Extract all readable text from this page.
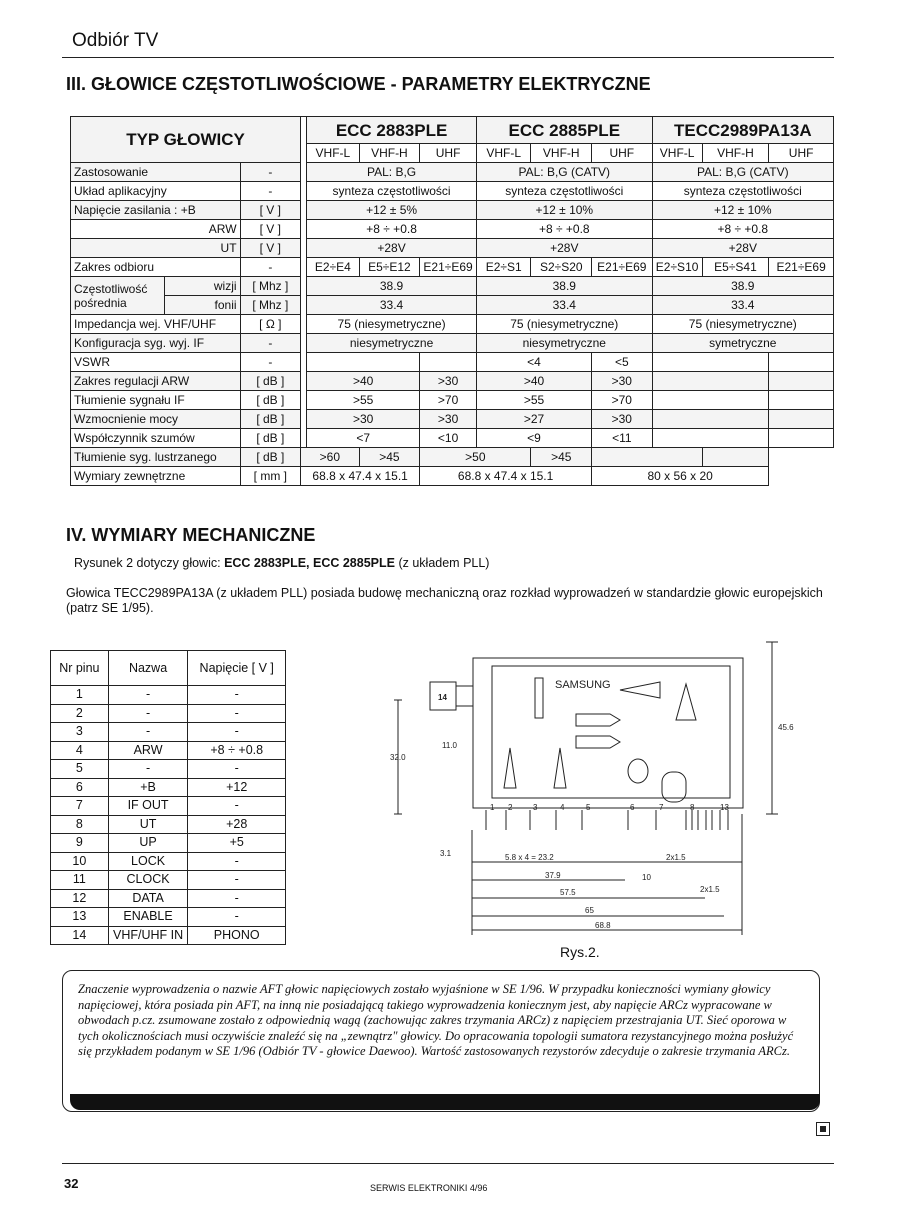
Odbiór TV
III. GŁOWICE CZĘSTOTLIWOŚCIOWE - PARAMETRY ELEKTRYCZNE
TYP GŁOWICY				ECC 2883PLE			ECC 2885PLE			TECC2989PA13A		
				VHF-L	VHF-H	UHF	VHF-L	VHF-H	UHF	VHF-L	VHF-H	UHF
Zastosowanie		-		PAL: B,G			PAL: B,G (CATV)			PAL: B,G (CATV)		
Układ aplikacyjny		-		synteza częstotliwości			synteza częstotliwości			synteza częstotliwości		
Napięcie zasilania : +B		[ V ]		+12 ± 5%			+12 ± 10%			+12 ± 10%		
ARW		[ V ]		+8 ÷ +0.8			+8 ÷ +0.8			+8 ÷ +0.8		
UT		[ V ]		+28V			+28V			+28V		
Zakres odbioru		-		E2÷E4	E5÷E12	E21÷E69	E2÷S1	S2÷S20	E21÷E69	E2÷S10	E5÷S41	E21÷E69
Częstotliwość pośrednia	wizji	[ Mhz ]		38.9			38.9			38.9		
	fonii	[ Mhz ]		33.4			33.4			33.4		
Impedancja wej. VHF/UHF		[ Ω ]		75 (niesymetryczne)			75 (niesymetryczne)			75 (niesymetryczne)		
Konfiguracja syg. wyj. IF		-		niesymetryczne			niesymetryczne			symetryczne		
VSWR		-					<4		<5			
Zakres regulacji ARW		[ dB ]		>40		>30	>40		>30			
Tłumienie sygnału IF		[ dB ]		>55		>70	>55		>70			
Wzmocnienie mocy		[ dB ]		>30		>30	>27		>30			
Współczynnik szumów		[ dB ]		<7		<10	<9		<11			
Tłumienie syg. lustrzanego		[ dB ]	>60		>45	>50		>45				
Wymiary zewnętrzne		[ mm ]	68.8 x 47.4 x 15.1			68.8 x 47.4 x 15.1			80 x 56 x 20			
IV. WYMIARY MECHANICZNE
Rysunek 2 dotyczy głowic: ECC 2883PLE, ECC 2885PLE (z układem PLL)
Głowica TECC2989PA13A (z układem PLL) posiada budowę mechaniczną oraz rozkład wyprowadzeń w standardzie głowic europejskich (patrz SE 1/95).
Nr pinu	Nazwa	Napięcie [ V ]
1	-	-
2	-	-
3	-	-
4	ARW	+8 ÷ +0.8
5	-	-
6	+B	+12
7	IF OUT	-
8	UT	+28
9	UP	+5
10	LOCK	-
11	CLOCK	-
12	DATA	-
13	ENABLE	-
14	VHF/UHF IN	PHONO
1 2	3	4	5	6	7	8	13
SAMSUNG
14
11.0
32.0
45.6
3.1	5.8 x 4 = 23.2
37.9
57.5
65
68.8
2x1.5
10
2x1.5
Rys.2.
Znaczenie wyprowadzenia o nazwie AFT głowic napięciowych zostało wyjaśnione w SE 1/96. W przypadku konieczności wymiany głowicy napięciowej, która posiada pin AFT, na inną nie posiadającą takiego wyprowadzenia koniecznym jest, aby napięcie ARCz wypracowane w obwodach p.cz. zsumowane zostało z odpowiednią wagą (zachowując zakres trzymania ARCz) z napięciem przestrajania UT. Sieć oporowa w tych okolicznościach musi oczywiście znaleźć się na „zewnątrz" głowicy. Do opracowania topologii sumatora rezystancyjnego można posłużyć się przykładem podanym w SE 1/96 (Odbiór TV - głowice Daewoo). Wartość zastosowanych rezystorów zdecyduje o zakresie trzymania ARCz.
32	SERWIS ELEKTRONIKI 4/96
